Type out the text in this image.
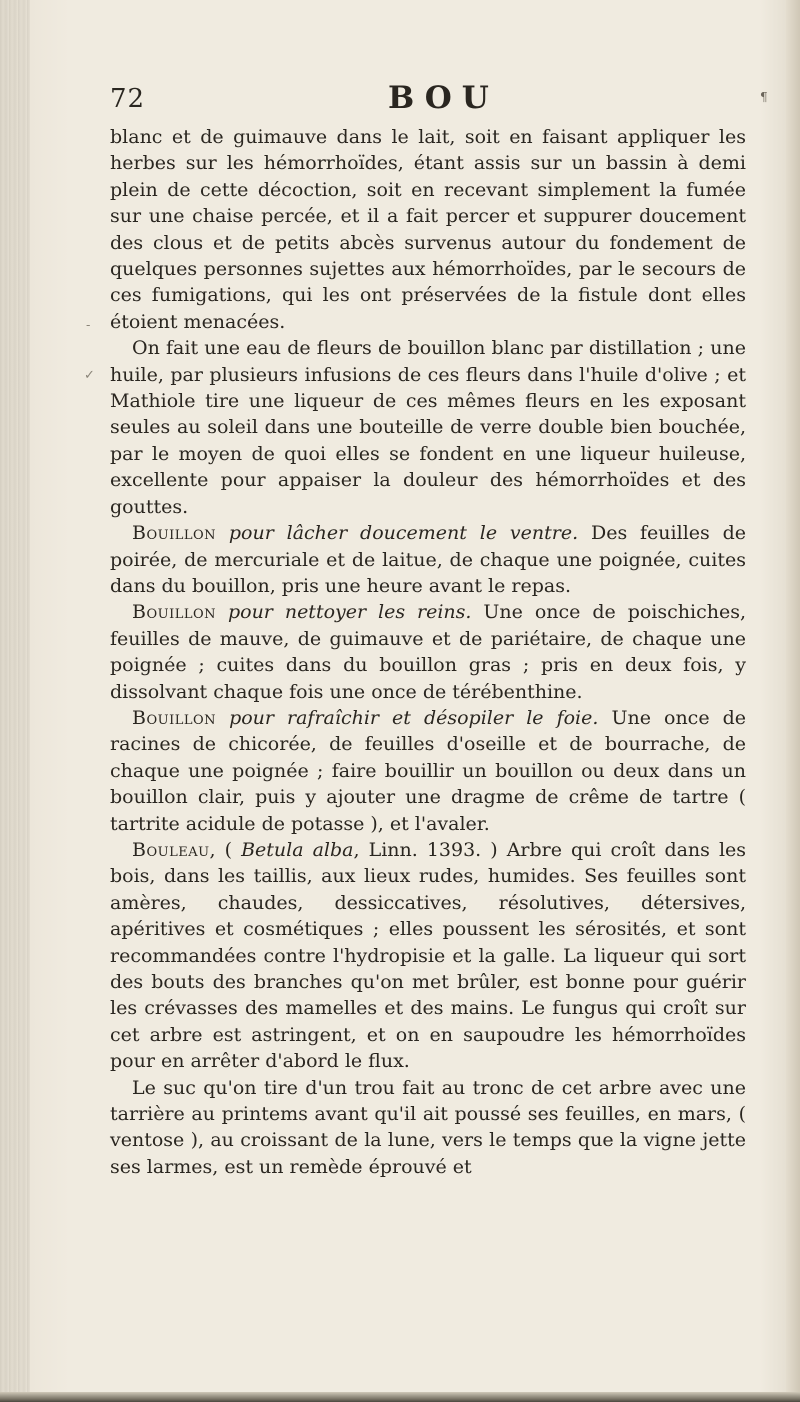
72	BOU	¶
-
✓

blanc et de guimauve dans le lait, soit en faisant appliquer les herbes sur les hémorrhoïdes, étant assis sur un bassin à demi plein de cette décoction, soit en recevant simplement la fumée sur une chaise percée, et il a fait percer et suppurer doucement des clous et de petits abcès survenus autour du fondement de quelques personnes sujettes aux hémorrhoïdes, par le secours de ces fumigations, qui les ont préservées de la fistule dont elles étoient menacées.

On fait une eau de fleurs de bouillon blanc par distillation ; une huile, par plusieurs infusions de ces fleurs dans l'huile d'olive ; et Mathiole tire une liqueur de ces mêmes fleurs en les exposant seules au soleil dans une bouteille de verre double bien bouchée, par le moyen de quoi elles se fondent en une liqueur huileuse, excellente pour appaiser la douleur des hémorrhoïdes et des gouttes.

Bouillon pour lâcher doucement le ventre. Des feuilles de poirée, de mercuriale et de laitue, de chaque une poignée, cuites dans du bouillon, pris une heure avant le repas.

Bouillon pour nettoyer les reins. Une once de poischiches, feuilles de mauve, de guimauve et de pariétaire, de chaque une poignée ; cuites dans du bouillon gras ; pris en deux fois, y dissolvant chaque fois une once de térébenthine.

Bouillon pour rafraîchir et désopiler le foie. Une once de racines de chicorée, de feuilles d'oseille et de bourrache, de chaque une poignée ; faire bouillir un bouillon ou deux dans un bouillon clair, puis y ajouter une dragme de crême de tartre ( tartrite acidule de potasse ), et l'avaler.

Bouleau, ( Betula alba, Linn. 1393. ) Arbre qui croît dans les bois, dans les taillis, aux lieux rudes, humides. Ses feuilles sont amères, chaudes, dessiccatives, résolutives, détersives, apéritives et cosmétiques ; elles poussent les sérosités, et sont recommandées contre l'hydropisie et la galle. La liqueur qui sort des bouts des branches qu'on met brûler, est bonne pour guérir les crévasses des mamelles et des mains. Le fungus qui croît sur cet arbre est astringent, et on en saupoudre les hémorrhoïdes pour en arrêter d'abord le flux.

Le suc qu'on tire d'un trou fait au tronc de cet arbre avec une tarrière au printems avant qu'il ait poussé ses feuilles, en mars, ( ventose ), au croissant de la lune, vers le temps que la vigne jette ses larmes, est un remède éprouvé et
